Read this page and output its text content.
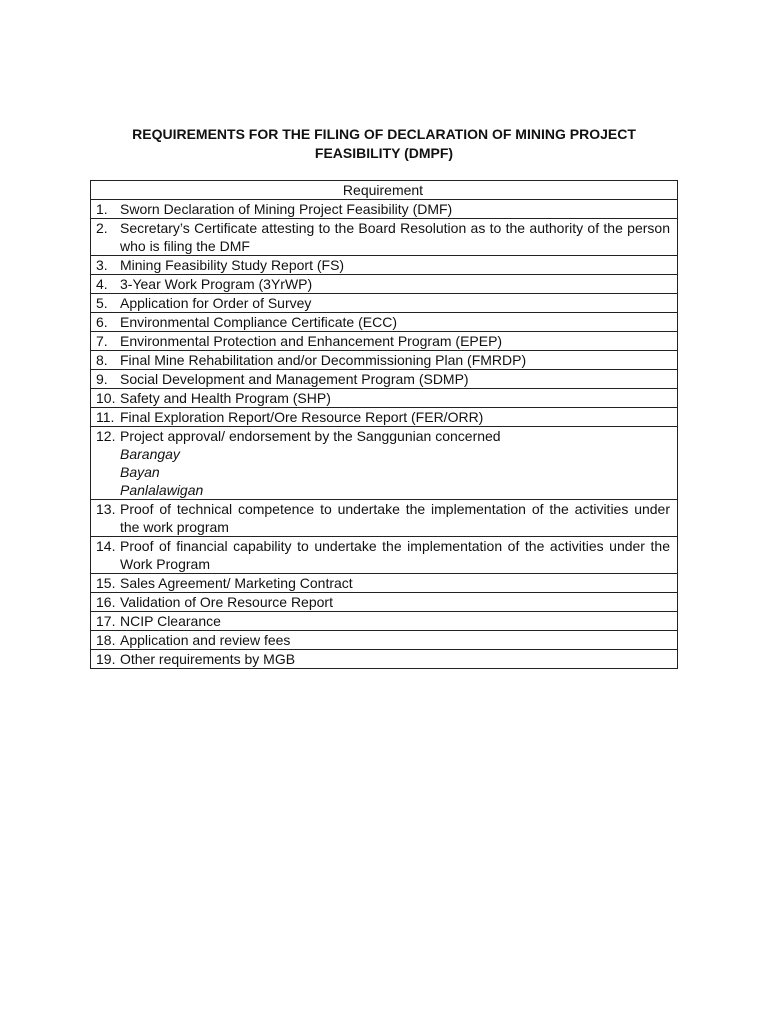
REQUIREMENTS FOR THE FILING OF DECLARATION OF MINING PROJECT
FEASIBILITY (DMPF)
Requirement

1. Sworn Declaration of Mining Project Feasibility (DMF)

2. Secretary’s Certificate attesting to the Board Resolution as to the authority of the person who is filing the DMF

3. Mining Feasibility Study Report (FS)

4. 3-Year Work Program (3YrWP)

5. Application for Order of Survey

6. Environmental Compliance Certificate (ECC)

7. Environmental Protection and Enhancement Program (EPEP)

8. Final Mine Rehabilitation and/or Decommissioning Plan (FMRDP)

9. Social Development and Management Program (SDMP)

10. Safety and Health Program (SHP)

11. Final Exploration Report/Ore Resource Report (FER/ORR)

12. Project approval/ endorsement by the Sanggunian concerned
Barangay
Bayan
Panlalawigan

13. Proof of technical competence to undertake the implementation of the activities under the work program

14. Proof of financial capability to undertake the implementation of the activities under the Work Program

15. Sales Agreement/ Marketing Contract

16. Validation of Ore Resource Report

17. NCIP Clearance

18. Application and review fees

19. Other requirements by MGB
